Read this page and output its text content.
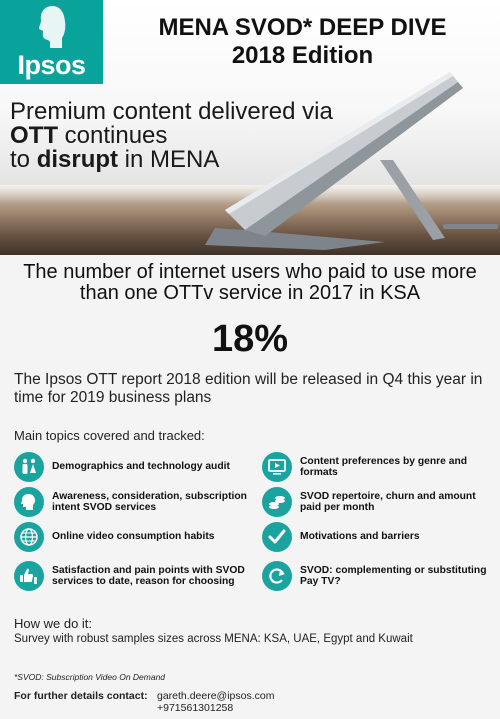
Ipsos
MENA SVOD* DEEP DIVE
2018 Edition
Premium content delivered via
OTT continues
to disrupt in MENA
The number of internet users who paid to use more than one OTTv service in 2017 in KSA
18%
The Ipsos OTT report 2018 edition will be released in Q4 this year in time for 2019 business plans
Main topics covered and tracked:
Demographics and technology audit
Content preferences by genre and formats
Awareness, consideration, subscription intent SVOD services
SVOD repertoire, churn and amount paid per month
Online video consumption habits	Motivations and barriers
Satisfaction and pain points with SVOD services to date, reason for choosing
SVOD: complementing or substituting Pay TV?
How we do it:
Survey with robust samples sizes across MENA: KSA, UAE, Egypt and Kuwait
*SVOD: Subscription Video On Demand
For further details contact: gareth.deere@ipsos.com
+971561301258
